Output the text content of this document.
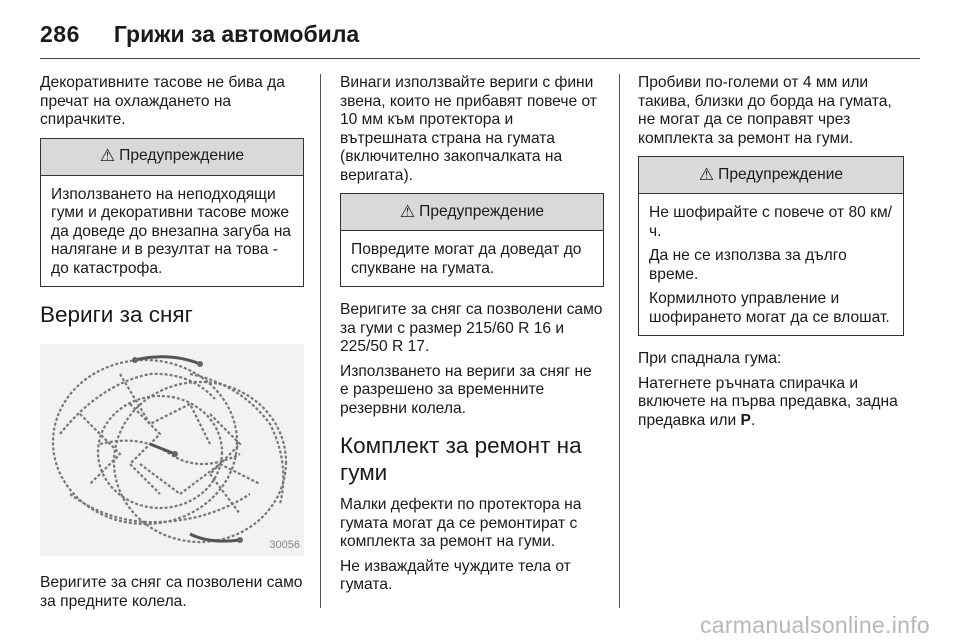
286 Грижи за автомобила

Декоративните тасове не бива да пречат на охлаждането на спирачките.

⚠ Предупреждение

Използването на неподходящи гуми и декоративни тасове може да доведе до внезапна загуба на налягане и в резултат на това - до катастрофа.

Вериги за сняг
30056

Веригите за сняг са позволени само за предните колела.

Винаги използвайте вериги с фини звена, които не прибавят повече от 10 мм към протектора и вътрешната страна на гумата (включително закопчалката на веригата).

⚠ Предупреждение

Повредите могат да доведат до спукване на гумата.

Веригите за сняг са позволени само за гуми с размер 215/60 R 16 и 225/50 R 17.

Използването на вериги за сняг не е разрешено за временните резервни колела.

Комплект за ремонт на гуми

Малки дефекти по протектора на гумата могат да се ремонтират с комплекта за ремонт на гуми.

Не изваждайте чуждите тела от гумата.

Пробиви по-големи от 4 мм или такива, близки до борда на гумата, не могат да се поправят чрез комплекта за ремонт на гуми.

⚠ Предупреждение

Не шофирайте с повече от 80 км/ч.

Да не се използва за дълго време.

Кормилното управление и шофирането могат да се влошат.

При спаднала гума:

Натегнете ръчната спирачка и включете на първа предавка, задна предавка или P.

carmanualsonline.info
